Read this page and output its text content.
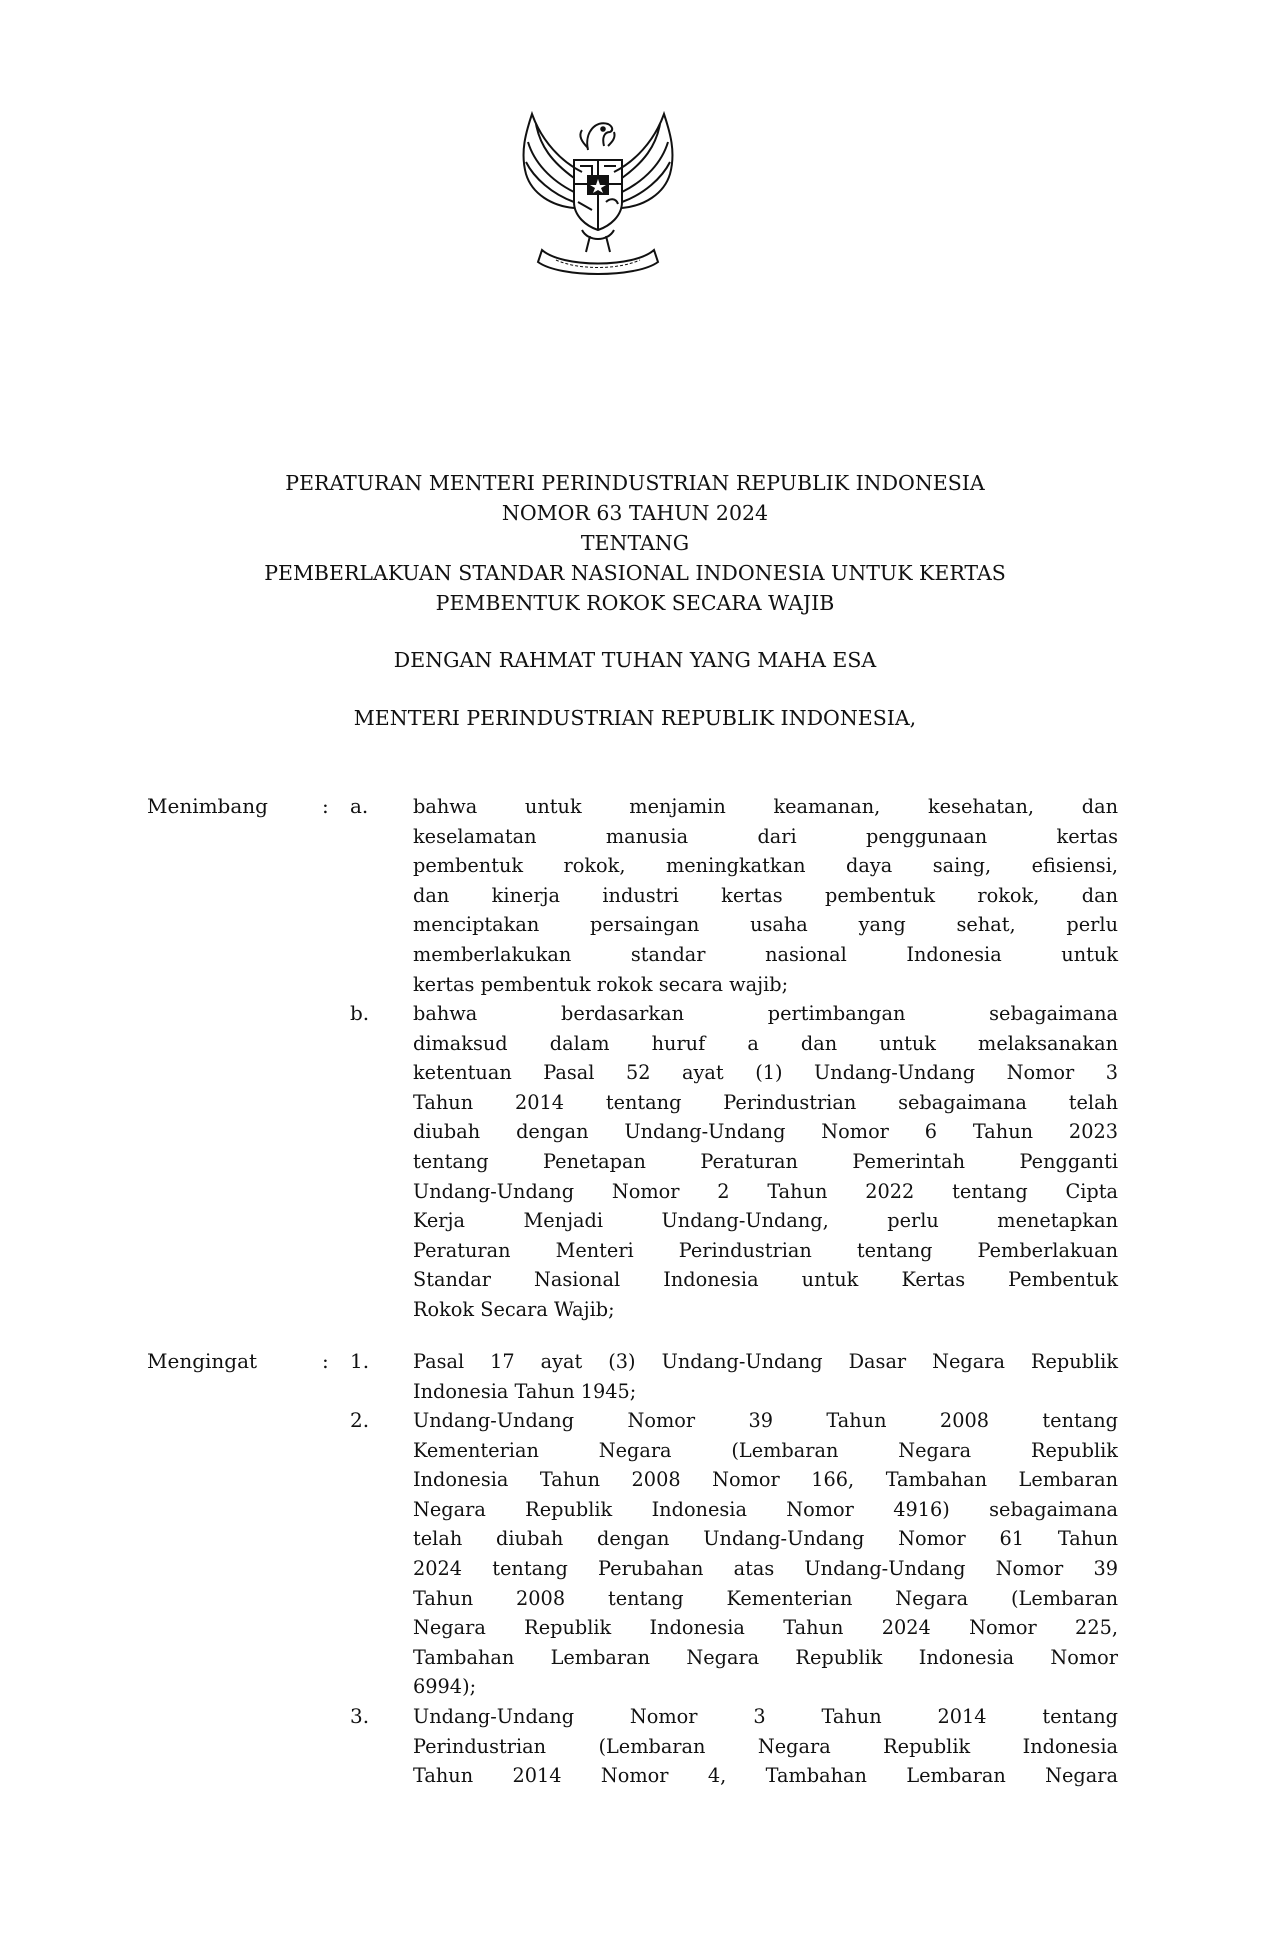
PERATURAN MENTERI PERINDUSTRIAN REPUBLIK INDONESIA
NOMOR 63 TAHUN 2024
TENTANG
PEMBERLAKUAN STANDAR NASIONAL INDONESIA UNTUK KERTAS
PEMBENTUK ROKOK SECARA WAJIB
DENGAN RAHMAT TUHAN YANG MAHA ESA
MENTERI PERINDUSTRIAN REPUBLIK INDONESIA,
Menimbang	: a. bahwa untuk menjamin keamanan, kesehatan, dan
keselamatan manusia dari penggunaan kertas
pembentuk rokok, meningkatkan daya saing, efisiensi,
dan kinerja industri kertas pembentuk rokok, dan
menciptakan persaingan usaha yang sehat, perlu
memberlakukan standar nasional Indonesia untuk
kertas pembentuk rokok secara wajib;
b. bahwa berdasarkan pertimbangan sebagaimana
dimaksud dalam huruf a dan untuk melaksanakan
ketentuan Pasal 52 ayat (1) Undang-Undang Nomor 3
Tahun 2014 tentang Perindustrian sebagaimana telah
diubah dengan Undang-Undang Nomor 6 Tahun 2023
tentang Penetapan Peraturan Pemerintah Pengganti
Undang-Undang Nomor 2 Tahun 2022 tentang Cipta
Kerja Menjadi Undang-Undang, perlu menetapkan
Peraturan Menteri Perindustrian tentang Pemberlakuan
Standar Nasional Indonesia untuk Kertas Pembentuk
Rokok Secara Wajib;
Mengingat	: 1. Pasal 17 ayat (3) Undang-Undang Dasar Negara Republik
Indonesia Tahun 1945;
2. Undang-Undang Nomor 39 Tahun 2008 tentang
Kementerian Negara (Lembaran Negara Republik
Indonesia Tahun 2008 Nomor 166, Tambahan Lembaran
Negara Republik Indonesia Nomor 4916) sebagaimana
telah diubah dengan Undang-Undang Nomor 61 Tahun
2024 tentang Perubahan atas Undang-Undang Nomor 39
Tahun 2008 tentang Kementerian Negara (Lembaran
Negara Republik Indonesia Tahun 2024 Nomor 225,
Tambahan Lembaran Negara Republik Indonesia Nomor
6994);
3. Undang-Undang Nomor 3 Tahun 2014 tentang
Perindustrian (Lembaran Negara Republik Indonesia
Tahun 2014 Nomor 4, Tambahan Lembaran Negara
